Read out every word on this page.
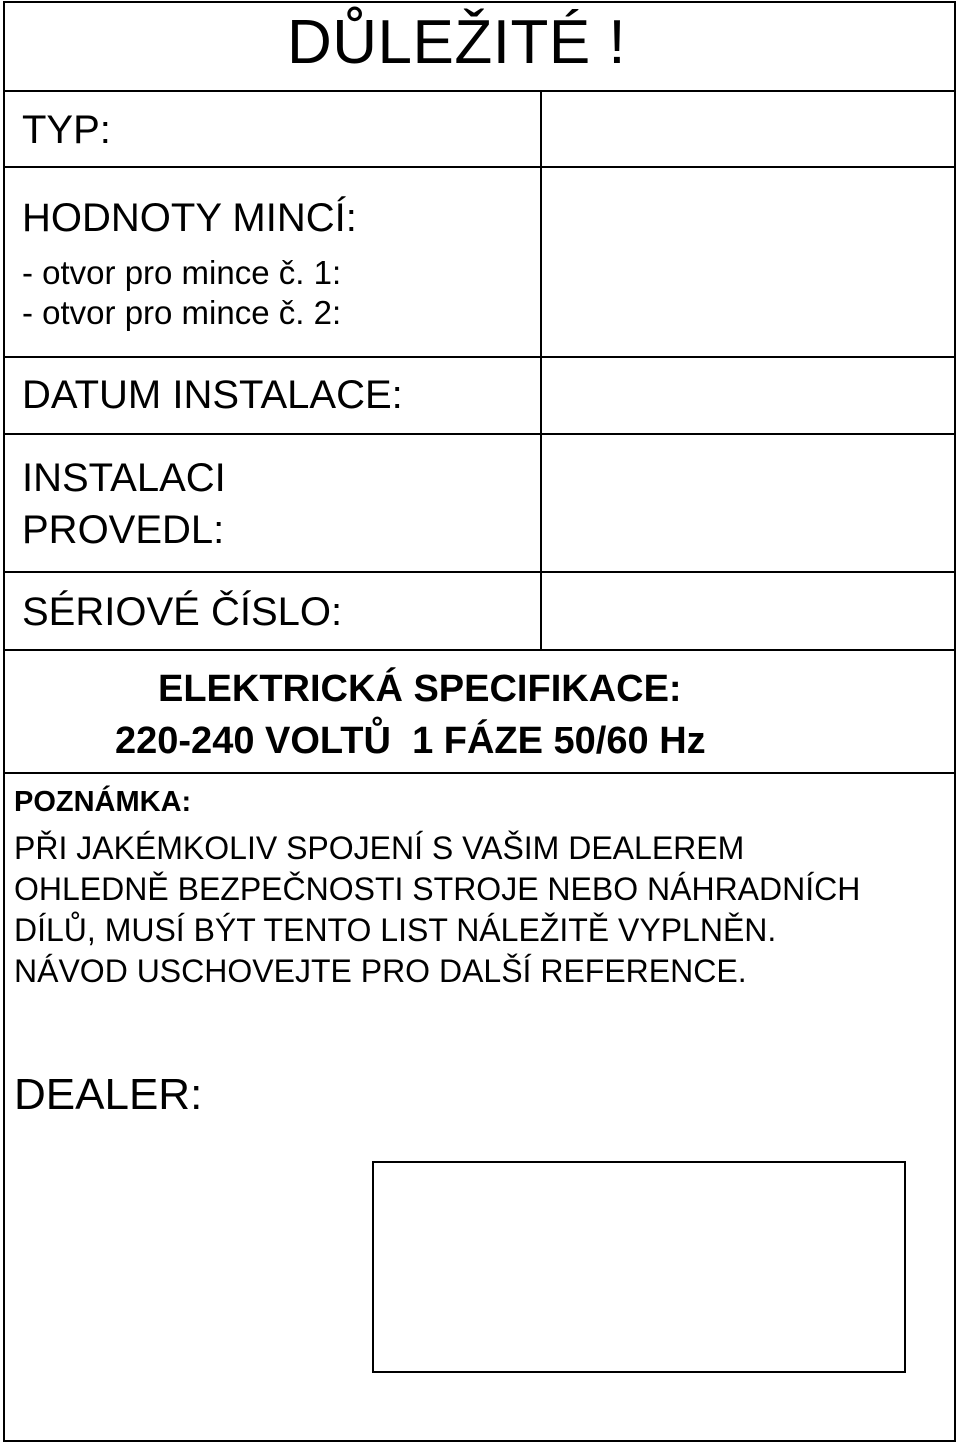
DŮLEŽITÉ !
TYP:
HODNOTY MINCÍ:
- otvor pro mince č. 1:
- otvor pro mince č. 2:
DATUM INSTALACE:
INSTALACI
PROVEDL:
SÉRIOVÉ ČÍSLO:
ELEKTRICKÁ SPECIFIKACE:
220-240 VOLTŮ  1 FÁZE 50/60 Hz
POZNÁMKA:
PŘI JAKÉMKOLIV SPOJENÍ S VAŠIM DEALEREM
OHLEDNĚ BEZPEČNOSTI STROJE NEBO NÁHRADNÍCH
DÍLŮ, MUSÍ BÝT TENTO LIST NÁLEŽITĚ VYPLNĚN.
NÁVOD USCHOVEJTE PRO DALŠÍ REFERENCE.
DEALER:
